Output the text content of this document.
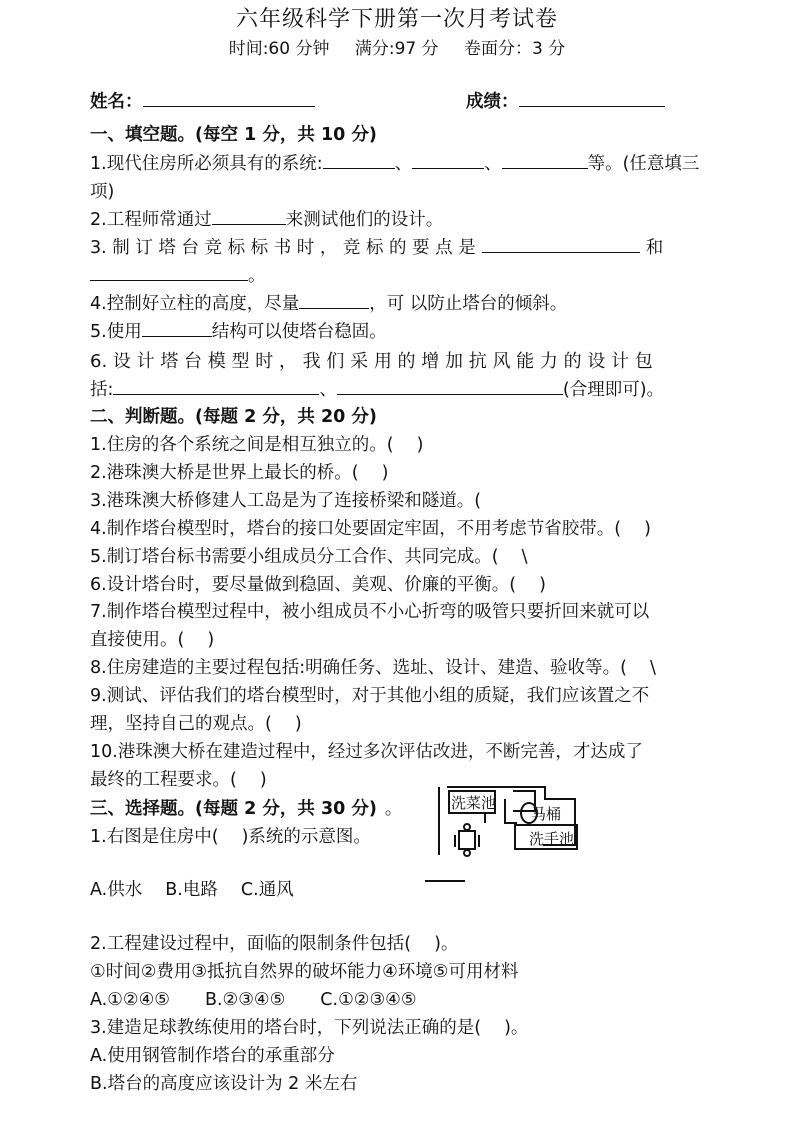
六年级科学下册第一次月考试卷
时间:60 分钟 满分:97 分 卷面分：3 分
姓名：	成绩：
一、填空题。(每空 1 分，共 10 分)
1.现代住房所必须具有的系统:	、	、	等。(任意填三
项)
2.工程师常通过	来测试他们的设计。
3. 制 订 塔 台 竞 标 标 书 时 ， 竞 标 的 要 点 是	和
。
4.控制好立柱的高度，尽量	，可 以防止塔台的倾斜。
5.使用	结构可以使塔台稳固。
6. 设 计 塔 台 模 型 时 ， 我 们 采 用 的 增 加 抗 风 能 力 的 设 计 包
括:	、	(合理即可)。
二、判断题。(每题 2 分，共 20 分)
1.住房的各个系统之间是相互独立的。(　 )
2.港珠澳大桥是世界上最长的桥。(　 )
3.港珠澳大桥修建人工岛是为了连接桥梁和隧道。(
4.制作塔台模型时，塔台的接口处要固定牢固，不用考虑节省胶带。(　 )
5.制订塔台标书需要小组成员分工合作、共同完成。(　 \
6.设计塔台时，要尽量做到稳固、美观、价廉的平衡。(　 )
7.制作塔台模型过程中，被小组成员不小心折弯的吸管只要折回来就可以
直接使用。(　 )
8.住房建造的主要过程包括:明确任务、选址、设计、建造、验收等。(　 \
9.测试、评估我们的塔台模型时，对于其他小组的质疑，我们应该置之不
理，坚持自己的观点。(　 )
10.港珠澳大桥在建造过程中，经过多次评估改进，不断完善，才达成了
最终的工程要求。(　 )
三、选择题。(每题 2 分，共 30 分) 。
1.右图是住房中(　 )系统的示意图。
洗菜池
马桶
洗手池
A.供水　 B.电路　 C.通风
2.工程建设过程中，面临的限制条件包括(　 )。
①时间②费用③抵抗自然界的破坏能力④环境⑤可用材料
A.①②④⑤　　B.②③④⑤　　C.①②③④⑤
3.建造足球教练使用的塔台时，下列说法正确的是(　 )。
A.使用钢管制作塔台的承重部分
B.塔台的高度应该设计为 2 米左右
